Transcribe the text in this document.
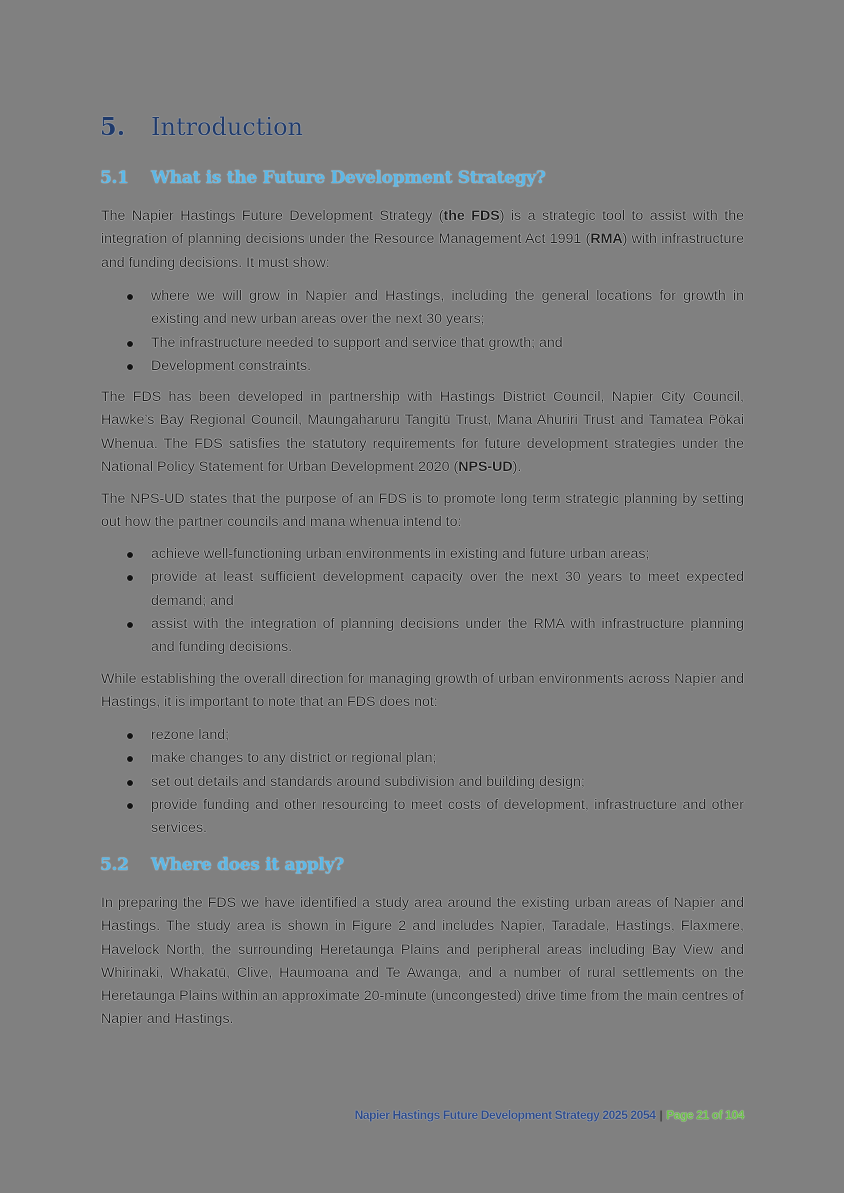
5.	Introduction
5.1	What is the Future Development Strategy?
The Napier Hastings Future Development Strategy (the FDS) is a strategic tool to assist with the integration of planning decisions under the Resource Management Act 1991 (RMA) with infrastructure and funding decisions. It must show:
where we will grow in Napier and Hastings, including the general locations for growth in existing and new urban areas over the next 30 years;
The infrastructure needed to support and service that growth; and
Development constraints.
The FDS has been developed in partnership with Hastings District Council, Napier City Council, Hawke’s Bay Regional Council, Maungaharuru Tangitū Trust, Mana Ahuriri Trust and Tamatea Pōkai Whenua. The FDS satisfies the statutory requirements for future development strategies under the National Policy Statement for Urban Development 2020 (NPS-UD).
The NPS-UD states that the purpose of an FDS is to promote long term strategic planning by setting out how the partner councils and mana whenua intend to:
achieve well-functioning urban environments in existing and future urban areas;
provide at least sufficient development capacity over the next 30 years to meet expected demand; and
assist with the integration of planning decisions under the RMA with infrastructure planning and funding decisions.
While establishing the overall direction for managing growth of urban environments across Napier and Hastings, it is important to note that an FDS does not:
rezone land;
make changes to any district or regional plan;
set out details and standards around subdivision and building design;
provide funding and other resourcing to meet costs of development, infrastructure and other services.
5.2	Where does it apply?
In preparing the FDS we have identified a study area around the existing urban areas of Napier and Hastings. The study area is shown in Figure 2 and includes Napier, Taradale, Hastings, Flaxmere, Havelock North, the surrounding Heretaunga Plains and peripheral areas including Bay View and Whirinaki, Whakatū, Clive, Haumoana and Te Awanga, and a number of rural settlements on the Heretaunga Plains within an approximate 20-minute (uncongested) drive time from the main centres of Napier and Hastings.
Napier Hastings Future Development Strategy 2025 2054 | Page 21 of 104
